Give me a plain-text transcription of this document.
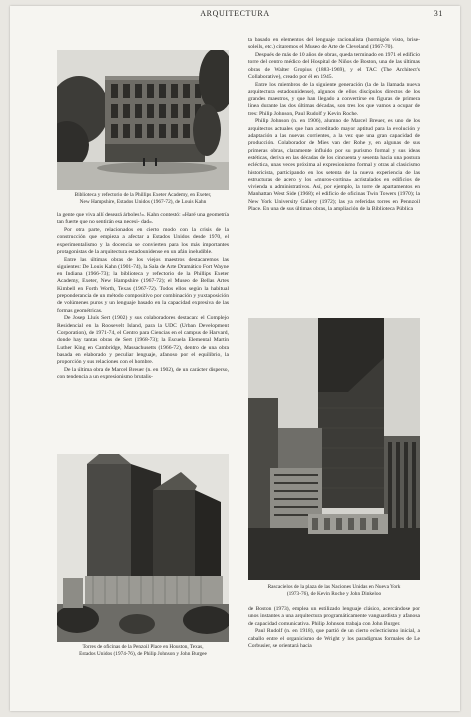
ARQUITECTURA	31
Biblioteca y refectorio de la Phillips Exeter Academy, en Exeter,
New Hampshire, Estados Unidos (1967-72), de Louis Kahn

la gente que viva allí deseará árboles!». Kahn contestó: «Haré una geometría tan fuerte que no sentirán esa necesi- dad».

Por otra parte, relacionados en cierto modo con la crisis de la construcción que empieza a afectar a Estados Unidos desde 1970, el experimentalismo y la docencia se convierten para los más importantes protagonistas de la arquitectura estadounidense en un afán ineludible.

Entre las últimas obras de los viejos maestros destacaremos las siguientes: De Louis Kahn (1901-74), la Sala de Arte Dramático Fort Wayne en Indiana (1966-73); la biblioteca y refectorio de la Phillips Exeter Academy, Exeter, New Hampshire (1967-72); el Museo de Bellas Artes Kimbell en Forth Worth, Texas (1967-72). Todos ellos según la habitual preponderancia de un método compositivo por combinación y yuxtaposición de volúmenes puros y un lenguaje basado en la capacidad expresiva de las formas geométricas.

De Josep Lluís Sert (1902) y sus colaboradores destacan: el Complejo Residencial en la Roosevelt Island, para la UDC (Urban Development Corporation), de 1971-74, el Centro para Ciencias en el campus de Harvard, donde hay tantas obras de Sert (1968-73); la Escuela Elemental Martin Luther King en Cambridge, Massachusetts (1966-72), dentro de una obra basada en elaborado y peculiar lenguaje, afanoso por el equilibrio, la proporción y sus relaciones con el hombre.

De la última obra de Marcel Breuer (n. en 1902), de un carácter disperso, con tendencia a un expresionismo brutalis-

Torres de oficinas de la Penzoil Place en Houston, Texas,
Estados Unidos (1974-76), de Philip Johnson y John Burgee

ta basado en elementos del lenguaje racionalista (hormigón visto, brise-soleils, etc.) citaremos el Museo de Arte de Cleveland (1967-70).

Después de más de 10 años de obras, queda terminado en 1971 el edificio torre del centro médico del Hospital de Niños de Boston, una de las últimas obras de Walter Gropius (1883-1969), y el TAC (The Architect's Collaborative), creado por él en 1945.

Entre los miembros de la siguiente generación (la de la llamada nueva arquitectura estadounidense), algunos de ellos discípulos directos de los grandes maestros, y que han llegado a convertirse en figuras de primera línea durante las dos últimas décadas, son tres los que vamos a ocupar de tres: Philip Johnson, Paul Rudolf y Kevin Roche.

Philip Johnson (n. en 1906), alumno de Marcel Breuer, es uno de los arquitectos actuales que han acreditado mayor aptitud para la evolución y adaptación a las nuevas corrientes, a la vez que una gran capacidad de producción. Colaborador de Mies van der Rohe y, en algunas de sus primeras obras, claramente influido por su purismo formal y sus ideas estéticas, deriva en las décadas de los cincuenta y sesenta hacia una postura ecléctica, unas veces próxima al expresionismo formal y otras al clasicismo historicista, participando en los setenta de la nueva experiencia de las estructuras de acero y los «muros-cortina» acristalados en edificios de vivienda u administrativos. Así, por ejemplo, la torre de apartamentos en Manhattan West Side (1968); el edificio de oficinas Twin Towers (1970); la New York University Gallery (1972); las ya referidas torres en Pennzoil Place. En una de sus últimas obras, la ampliación de la Biblioteca Pública

Rascacielos de la plaza de las Naciones Unidas en Nueva York
(1973-76), de Kevin Roche y John Dinkeloo

de Boston (1973), emplea un estilizado lenguaje clásico, acercándose por unos instantes a una arquitectura programáticamente vanguardista y afanosa de capacidad comunicativa. Philip Johnson trabaja con John Burger.

Paul Rudolf (n. en 1918), que partió de un cierto eclecticismo inicial, a caballo entre el organicismo de Wright y los paradigmas formales de Le Corbusier, se orientará hacia
